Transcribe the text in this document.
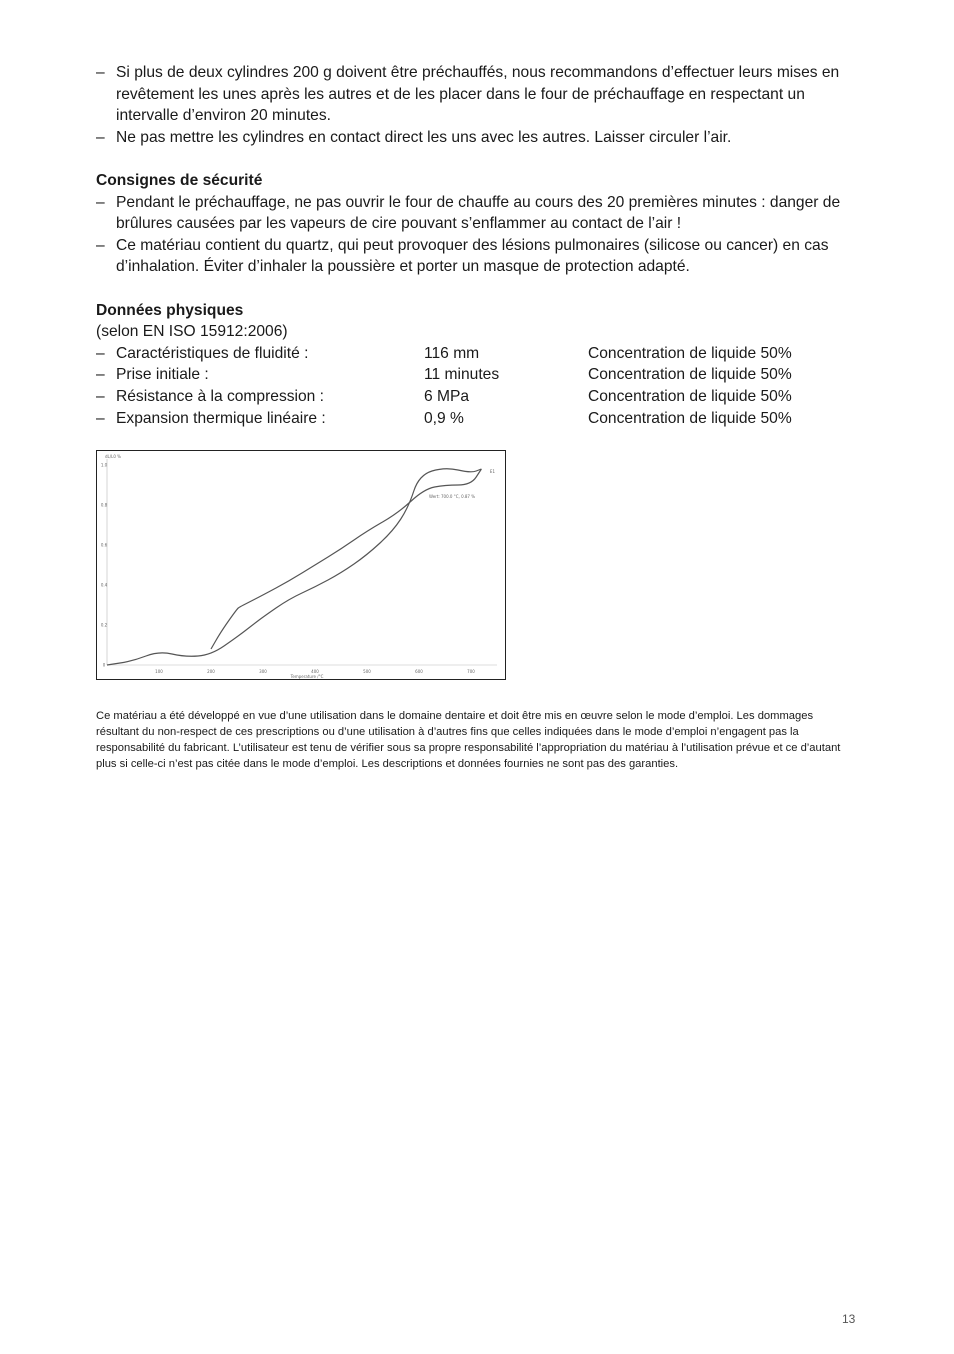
– Si plus de deux cylindres 200 g doivent être préchauffés, nous recommandons d’effectuer leurs mises en revêtement les unes après les autres et de les placer dans le four de préchauffage en respectant un intervalle d’environ 20 minutes.
– Ne pas mettre les cylindres en contact direct les uns avec les autres. Laisser circuler l’air.
Consignes de sécurité
– Pendant le préchauffage, ne pas ouvrir le four de chauffe au cours des 20 premières minutes : danger de brûlures causées par les vapeurs de cire pouvant s’enflammer au contact de l’air !
– Ce matériau contient du quartz, qui peut provoquer des lésions pulmonaires (silicose ou cancer) en cas d’inhalation. Éviter d’inhaler la poussière et porter un masque de protection adapté.
Données physiques
(selon EN ISO 15912:2006)
– Caractéristiques de fluidité :	116 mm	Concentration de liquide 50%
– Prise initiale :	11 minutes	Concentration de liquide 50%
– Résistance à la compression :	6 MPa	Concentration de liquide 50%
– Expansion thermique linéaire :	0,9 %	Concentration de liquide 50%
dL/L0 %
Temperature /°C
E1
Wert: 700.0 °C, 0.87 %
100	200	300	400	500	600	700
0
0.2
0.4
0.6
0.8
1.0
Ce matériau a été développé en vue d’une utilisation dans le domaine dentaire et doit être mis en œuvre selon le mode d’emploi. Les dommages résultant du non-respect de ces prescriptions ou d’une utilisation à d’autres fins que celles indiquées dans le mode d’emploi n’engagent pas la responsabilité du fabricant. L’utilisateur est tenu de vérifier sous sa propre responsabilité l’appropriation du matériau à l’utilisation prévue et ce d’autant plus si celle-ci n’est pas citée dans le mode d’emploi. Les descriptions et données fournies ne sont pas des garanties.
13
